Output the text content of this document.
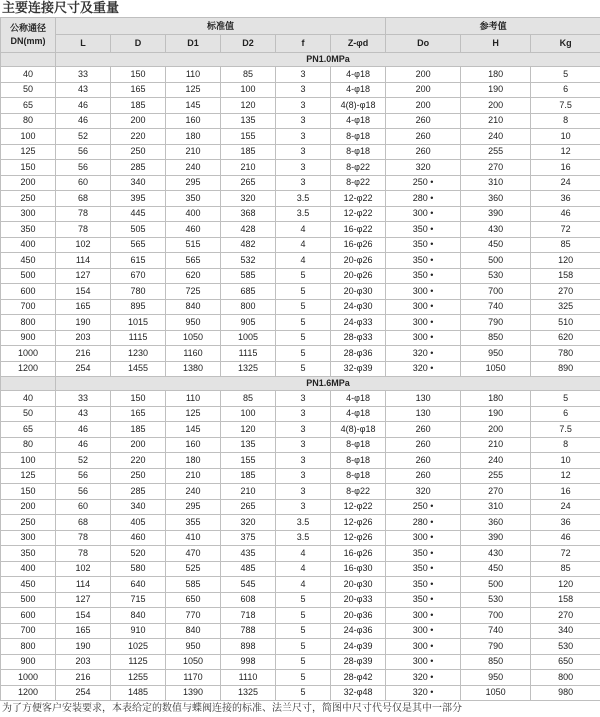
主要连接尺寸及重量
公称通径
DN(mm)	标准值						参考值		
	L	D	D1	D2	f	Z-φd	Do	H	Kg
	PN1.0MPa								
40	33	150	110	85	3	4-φ18	200	180	5
50	43	165	125	100	3	4-φ18	200	190	6
65	46	185	145	120	3	4(8)-φ18	200	200	7.5
80	46	200	160	135	3	4-φ18	260	210	8
100	52	220	180	155	3	8-φ18	260	240	10
125	56	250	210	185	3	8-φ18	260	255	12
150	56	285	240	210	3	8-φ22	320	270	16
200	60	340	295	265	3	8-φ22	250 •	310	24
250	68	395	350	320	3.5	12-φ22	280 •	360	36
300	78	445	400	368	3.5	12-φ22	300 •	390	46
350	78	505	460	428	4	16-φ22	350 •	430	72
400	102	565	515	482	4	16-φ26	350 •	450	85
450	114	615	565	532	4	20-φ26	350 •	500	120
500	127	670	620	585	5	20-φ26	350 •	530	158
600	154	780	725	685	5	20-φ30	300 •	700	270
700	165	895	840	800	5	24-φ30	300 •	740	325
800	190	1015	950	905	5	24-φ33	300 •	790	510
900	203	1115	1050	1005	5	28-φ33	300 •	850	620
1000	216	1230	1160	1115	5	28-φ36	320 •	950	780
1200	254	1455	1380	1325	5	32-φ39	320 •	1050	890
	PN1.6MPa								
40	33	150	110	85	3	4-φ18	130	180	5
50	43	165	125	100	3	4-φ18	130	190	6
65	46	185	145	120	3	4(8)-φ18	260	200	7.5
80	46	200	160	135	3	8-φ18	260	210	8
100	52	220	180	155	3	8-φ18	260	240	10
125	56	250	210	185	3	8-φ18	260	255	12
150	56	285	240	210	3	8-φ22	320	270	16
200	60	340	295	265	3	12-φ22	250 •	310	24
250	68	405	355	320	3.5	12-φ26	280 •	360	36
300	78	460	410	375	3.5	12-φ26	300 •	390	46
350	78	520	470	435	4	16-φ26	350 •	430	72
400	102	580	525	485	4	16-φ30	350 •	450	85
450	114	640	585	545	4	20-φ30	350 •	500	120
500	127	715	650	608	5	20-φ33	350 •	530	158
600	154	840	770	718	5	20-φ36	300 •	700	270
700	165	910	840	788	5	24-φ36	300 •	740	340
800	190	1025	950	898	5	24-φ39	300 •	790	530
900	203	1125	1050	998	5	28-φ39	300 •	850	650
1000	216	1255	1170	1110	5	28-φ42	320 •	950	800
1200	254	1485	1390	1325	5	32-φ48	320 •	1050	980
为了方便客户安装要求，本表给定的数值与蝶阀连接的标准、法兰尺寸，简图中尺寸代号仅是其中一部分
